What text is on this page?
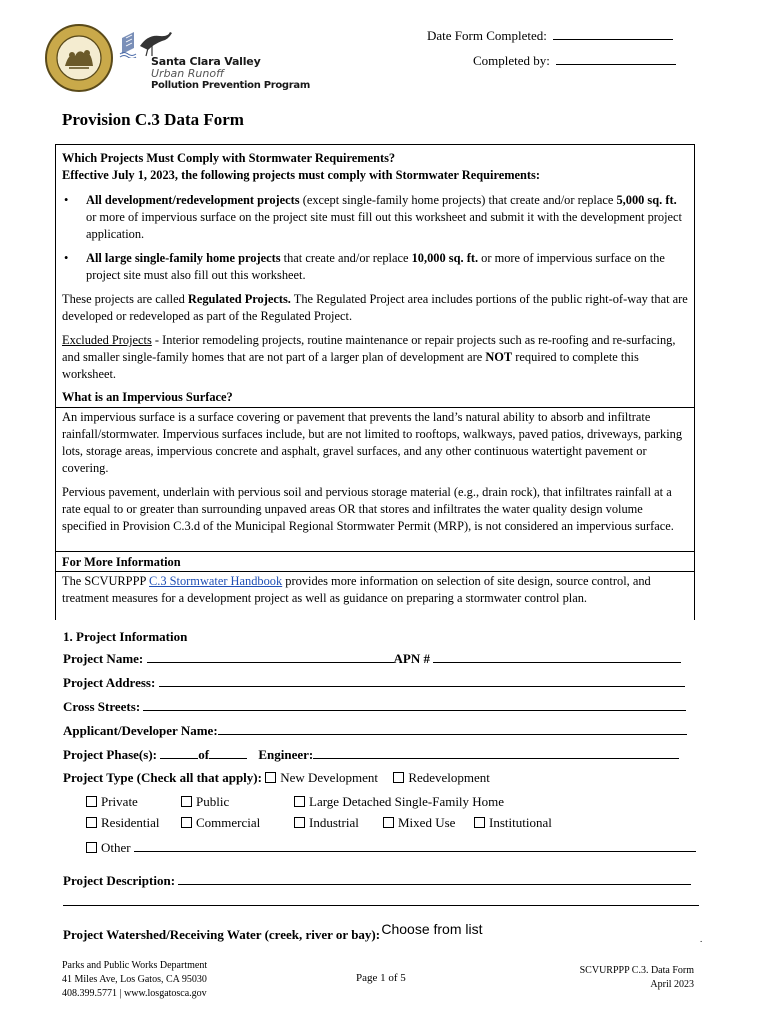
Santa Clara Valley
Urban Runoff
Pollution Prevention Program
Date Form Completed:
Completed by:
Provision C.3 Data Form

Which Projects Must Comply with Stormwater Requirements?

Effective July 1, 2023, the following projects must comply with Stormwater Requirements:

• All development/redevelopment projects (except single-family home projects) that create and/or replace 5,000 sq. ft. or more of impervious surface on the project site must fill out this worksheet and submit it with the development project application.

• All large single-family home projects that create and/or replace 10,000 sq. ft. or more of impervious surface on the project site must also fill out this worksheet.

These projects are called Regulated Projects. The Regulated Project area includes portions of the public right-of-way that are developed or redeveloped as part of the Regulated Project.

Excluded Projects - Interior remodeling projects, routine maintenance or repair projects such as re-roofing and re-surfacing, and smaller single-family homes that are not part of a larger plan of development are NOT required to complete this worksheet.

What is an Impervious Surface?

An impervious surface is a surface covering or pavement that prevents the land’s natural ability to absorb and infiltrate rainfall/stormwater. Impervious surfaces include, but are not limited to rooftops, walkways, paved patios, driveways, parking lots, storage areas, impervious concrete and asphalt, gravel surfaces, and any other continuous watertight pavement or covering.

Pervious pavement, underlain with pervious soil and pervious storage material (e.g., drain rock), that infiltrates rainfall at a rate equal to or greater than surrounding unpaved areas OR that stores and infiltrates the water quality design volume specified in Provision C.3.d of the Municipal Regional Stormwater Permit (MRP), is not considered an impervious surface.

For More Information

The SCVURPPP C.3 Stormwater Handbook provides more information on selection of site design, source control, and treatment measures for a development project as well as guidance on preparing a stormwater control plan.

1. Project Information
Project Name:	APN #
Project Address:
Cross Streets:
Applicant/Developer Name:
Project Phase(s):	of	Engineer:
Project Type (Check all that apply): New Development Redevelopment
Private	Public	Large Detached Single-Family Home
Residential	Commercial	Industrial	Mixed Use	Institutional
Other
Project Description:
Project Watershed/Receiving Water (creek, river or bay): Choose from list
.
Parks and Public Works Department
41 Miles Ave, Los Gatos, CA 95030
408.399.5771 | www.losgatosca.gov
Page 1 of 5
SCVURPPP C.3. Data Form
April 2023
